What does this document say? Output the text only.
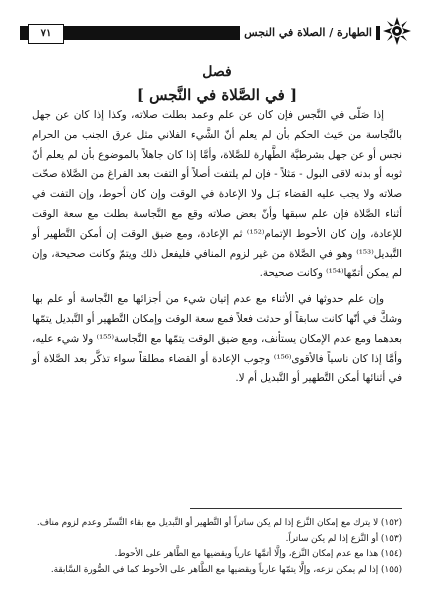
٧١	الطهارة / الصلاة في النجس
فصل
[ في الصَّلاة في النَّجس ]

إذا صَلّى في النَّجس فإن كان عن علم وعمد بطلت صلاته، وكذا إذا كان عن جهل بالنَّجاسة من حَيث الحكم بأن لم يعلم أنّ الشَّيء الفلاني مثل عرق الجنب من الحرام نجس أو عن جهل بشرطيَّة الطَّهارة للصَّلاة، وأمَّا إذا كان جاهلاً بالموضوع بأن لم يعلم أنّ ثوبه أو بدنه لاقى البول - مَثلاً - فإن لم يلتفت أصلاً أو التفت بعد الفراغ من الصَّلاة صحّت صلاته ولا يجب عليه القضاء بَـل ولا الإعادة في الوقت وإن كان أحوط، وإن التفت في أثناء الصَّلاة فإن علم سبقها وأنّ بعض صلاته وقع مع النَّجاسة بطلت مع سعة الوقت للإعادة، وإن كان الأحوط الإتمام⁽¹⁵²⁾ ثم الإعادة، ومع ضيق الوقت إن أمكن التَّطهير أو التَّبديل⁽¹⁵³⁾ وهو في الصَّلاة من غير لزوم المنافي فليفعل ذلك ويتمّ وكانت صحيحة، وإن لم يمكن أتمّها⁽¹⁵⁴⁾ وكانت صحيحة.

وإن علم حدوثها في الأثناء مع عدم إتيان شيء من أجزائها مع النَّجاسة أو علم بها وشكَّ في أنّها كانت سابقاً أو حدثت فعلاً فمع سعة الوقت وإمكان التَّطهير أو التَّبديل يتمّها بعدهما ومع عدم الإمكان يستأنف، ومع ضيق الوقت يتمّها مع النَّجاسة⁽¹⁵⁵⁾ ولا شيء عليه، وأمَّا إذا كان ناسياً فالأقوى⁽¹⁵⁶⁾ وجوب الإعادة أو القضاء مطلقاً سواء تذكَّر بعد الصَّلاة أو في أثنائها أمكن التَّطهير أو التَّبديل أم لا.

(١٥٢) لا يترك مع إمكان النَّزع إذا لم يكن ساتراً أو التَّطهير أو التَّبديل مع بقاء التَّستّر وعدم لزوم مناف.

(١٥٣) أو النَّزع إذا لم يكن ساتراً.

(١٥٤) هذا مع عدم إمكان النَّزع، وإلَّا أتمَّها عارياً ويقضيها مع الطَّاهر على الأحوط.

(١٥٥) إذا لم يمكن نزعه، وإلَّا يتمّها عارياً ويقضيها مع الطَّاهر على الأحوط كما في الصُّورة السَّابقة.
